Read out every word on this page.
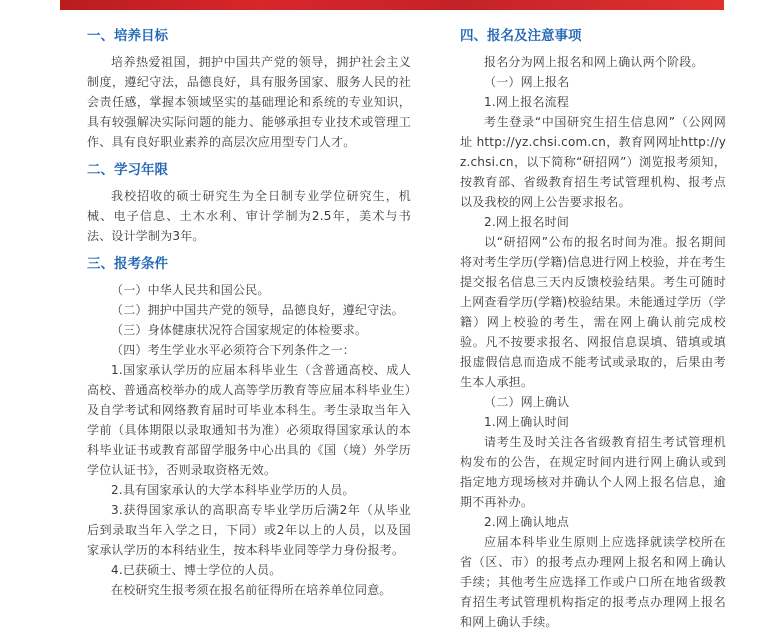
一、培养目标

培养热爱祖国，拥护中国共产党的领导，拥护社会主义制度，遵纪守法，品德良好，具有服务国家、服务人民的社会责任感，掌握本领域坚实的基础理论和系统的专业知识，具有较强解决实际问题的能力、能够承担专业技术或管理工作、具有良好职业素养的高层次应用型专门人才。

二、学习年限

我校招收的硕士研究生为全日制专业学位研究生，机械、电子信息、土木水利、审计学制为2.5年，美术与书法、设计学制为3年。

三、报考条件

（一）中华人民共和国公民。

（二）拥护中国共产党的领导，品德良好，遵纪守法。

（三）身体健康状况符合国家规定的体检要求。

（四）考生学业水平必须符合下列条件之一：

1.国家承认学历的应届本科毕业生（含普通高校、成人高校、普通高校举办的成人高等学历教育等应届本科毕业生）及自学考试和网络教育届时可毕业本科生。考生录取当年入学前（具体期限以录取通知书为准）必须取得国家承认的本科毕业证书或教育部留学服务中心出具的《国（境）外学历学位认证书》，否则录取资格无效。

2.具有国家承认的大学本科毕业学历的人员。

3.获得国家承认的高职高专毕业学历后满2年（从毕业后到录取当年入学之日，下同）或2年以上的人员，以及国家承认学历的本科结业生，按本科毕业同等学力身份报考。

4.已获硕士、博士学位的人员。

在校研究生报考须在报名前征得所在培养单位同意。

四、报名及注意事项

报名分为网上报名和网上确认两个阶段。

（一）网上报名

1.网上报名流程

考生登录“中国研究生招生信息网”（公网网址 http://yz.chsi.com.cn，教育网网址http://yz.chsi.cn，以下简称“研招网”）浏览报考须知，按教育部、省级教育招生考试管理机构、报考点以及我校的网上公告要求报名。

2.网上报名时间

以“研招网”公布的报名时间为准。报名期间将对考生学历(学籍)信息进行网上校验，并在考生提交报名信息三天内反馈校验结果。考生可随时上网查看学历(学籍)校验结果。未能通过学历（学籍）网上校验的考生，需在网上确认前完成校验。凡不按要求报名、网报信息误填、错填或填报虚假信息而造成不能考试或录取的，后果由考生本人承担。

（二）网上确认

1.网上确认时间

请考生及时关注各省级教育招生考试管理机构发布的公告，在规定时间内进行网上确认或到指定地方现场核对并确认个人网上报名信息，逾期不再补办。

2.网上确认地点

应届本科毕业生原则上应选择就读学校所在省（区、市）的报考点办理网上报名和网上确认手续；其他考生应选择工作或户口所在地省级教育招生考试管理机构指定的报考点办理网上报名和网上确认手续。
